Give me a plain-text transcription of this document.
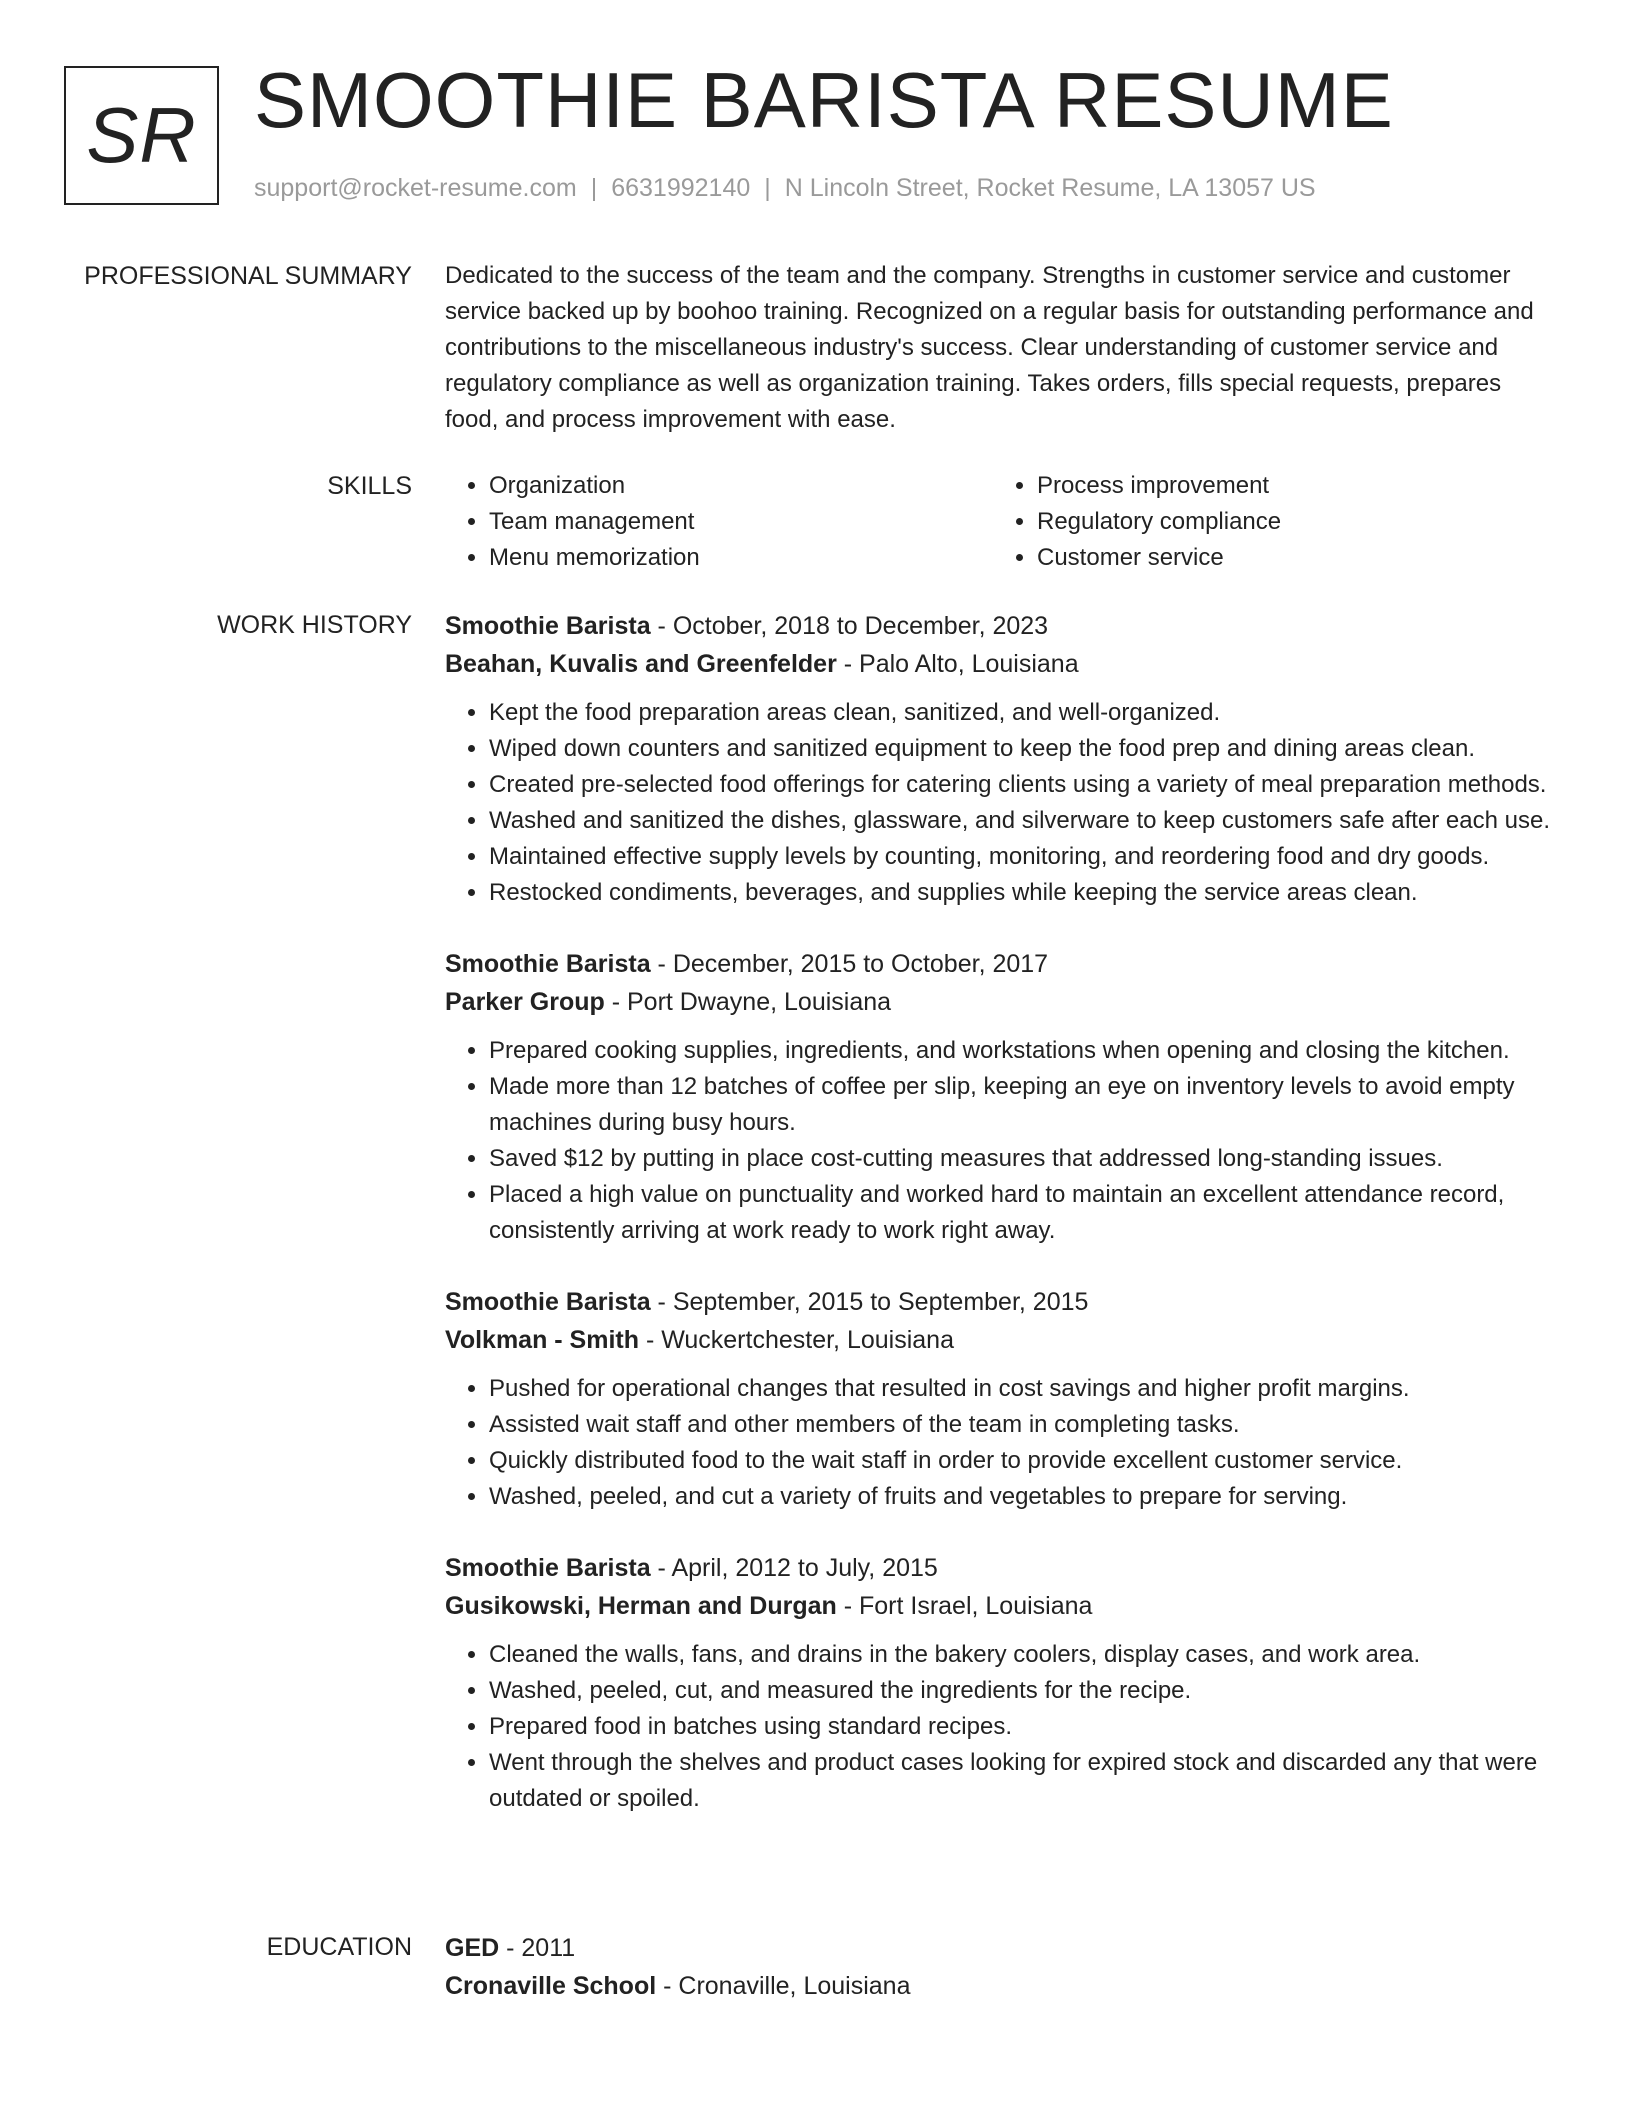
SR SMOOTHIE BARISTA RESUME
support@rocket-resume.com | 6631992140 | N Lincoln Street, Rocket Resume, LA 13057 US
PROFESSIONAL SUMMARY Dedicated to the success of the team and the company. Strengths in customer service and customer service backed up by boohoo training. Recognized on a regular basis for outstanding performance and contributions to the miscellaneous industry's success. Clear understanding of customer service and regulatory compliance as well as organization training. Takes orders, fills special requests, prepares food, and process improvement with ease.

SKILLS
•	Organization
• Team management
• Menu memorization
• Process improvement
• Regulatory compliance
• Customer service
WORK HISTORY Smoothie Barista - October, 2018 to December, 2023
Beahan, Kuvalis and Greenfelder - Palo Alto, Louisiana
• Kept the food preparation areas clean, sanitized, and well-organized.
• Wiped down counters and sanitized equipment to keep the food prep and dining areas clean.
• Created pre-selected food offerings for catering clients using a variety of meal preparation methods.
• Washed and sanitized the dishes, glassware, and silverware to keep customers safe after each use.
• Maintained effective supply levels by counting, monitoring, and reordering food and dry goods.
• Restocked condiments, beverages, and supplies while keeping the service areas clean.
Smoothie Barista - December, 2015 to October, 2017
Parker Group - Port Dwayne, Louisiana
• Prepared cooking supplies, ingredients, and workstations when opening and closing the kitchen.
• Made more than 12 batches of coffee per slip, keeping an eye on inventory levels to avoid empty machines during busy hours.
• Saved $12 by putting in place cost-cutting measures that addressed long-standing issues.
• Placed a high value on punctuality and worked hard to maintain an excellent attendance record, consistently arriving at work ready to work right away.
Smoothie Barista - September, 2015 to September, 2015
Volkman - Smith - Wuckertchester, Louisiana
• Pushed for operational changes that resulted in cost savings and higher profit margins.
• Assisted wait staff and other members of the team in completing tasks.
• Quickly distributed food to the wait staff in order to provide excellent customer service.
• Washed, peeled, and cut a variety of fruits and vegetables to prepare for serving.
Smoothie Barista - April, 2012 to July, 2015
Gusikowski, Herman and Durgan - Fort Israel, Louisiana
• Cleaned the walls, fans, and drains in the bakery coolers, display cases, and work area.
• Washed, peeled, cut, and measured the ingredients for the recipe.
• Prepared food in batches using standard recipes.
• Went through the shelves and product cases looking for expired stock and discarded any that were outdated or spoiled.
EDUCATION GED - 2011
Cronaville School - Cronaville, Louisiana
